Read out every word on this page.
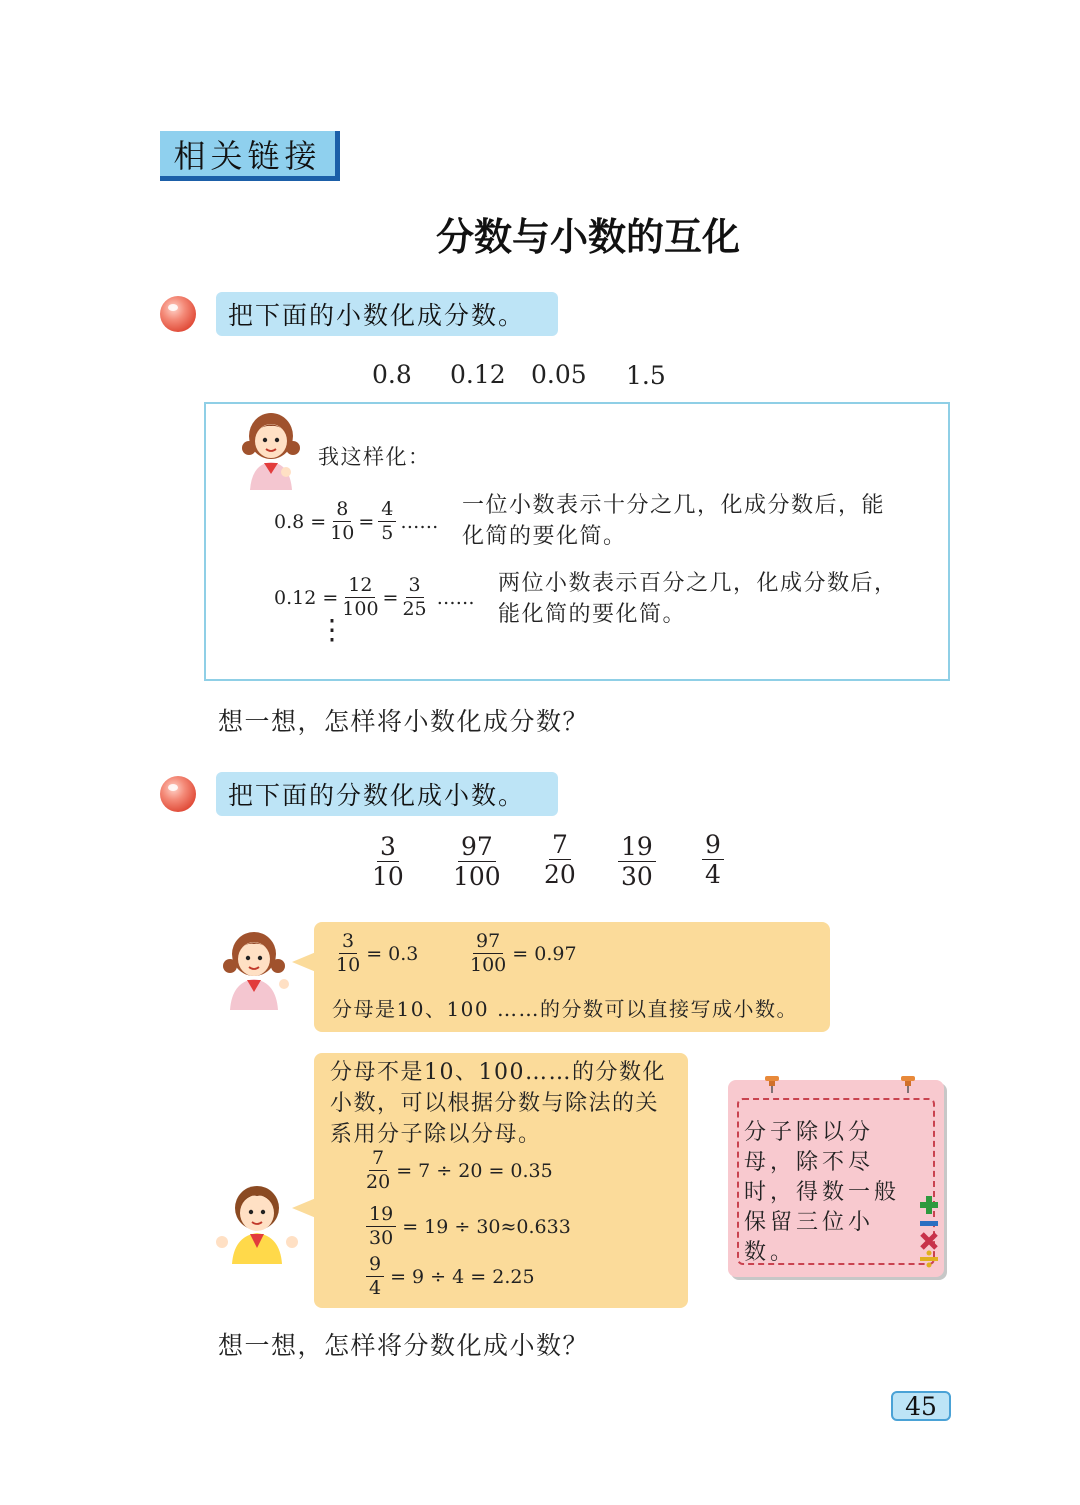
相关链接
分数与小数的互化
把下面的小数化成分数。
0.8 0.12 0.05 1.5
我这样化：
$0.8 = \frac{8}{10} = \frac{4}{5}$ ……
一位小数表示十分之几，化成分数后，能化简的要化简。
$0.12 = \frac{12}{100} = \frac{3}{25}$ ……
两位小数表示百分之几，化成分数后，能化简的要化简。
⋮
想一想，怎样将小数化成分数？
把下面的分数化成小数。
$\frac{3}{10} \frac{97}{100} \frac{7}{20} \frac{19}{30} \frac{9}{4}$
$\frac{3}{10} = 0.3$	$\frac{97}{100} = 0.97$
分母是10、100 ……的分数可以直接写成小数。
分母不是10、100……的分数化小数，可以根据分数与除法的关系用分子除以分母。
$\frac{7}{20} = 7 \div 20 = 0.35$
$\frac{19}{30} = 19 \div 30\approx 0.633$
$\frac{9}{4} = 9 \div 4 = 2.25$
分子除以分母，除不尽时，得数一般保留三位小数。
想一想，怎样将分数化成小数？
45
